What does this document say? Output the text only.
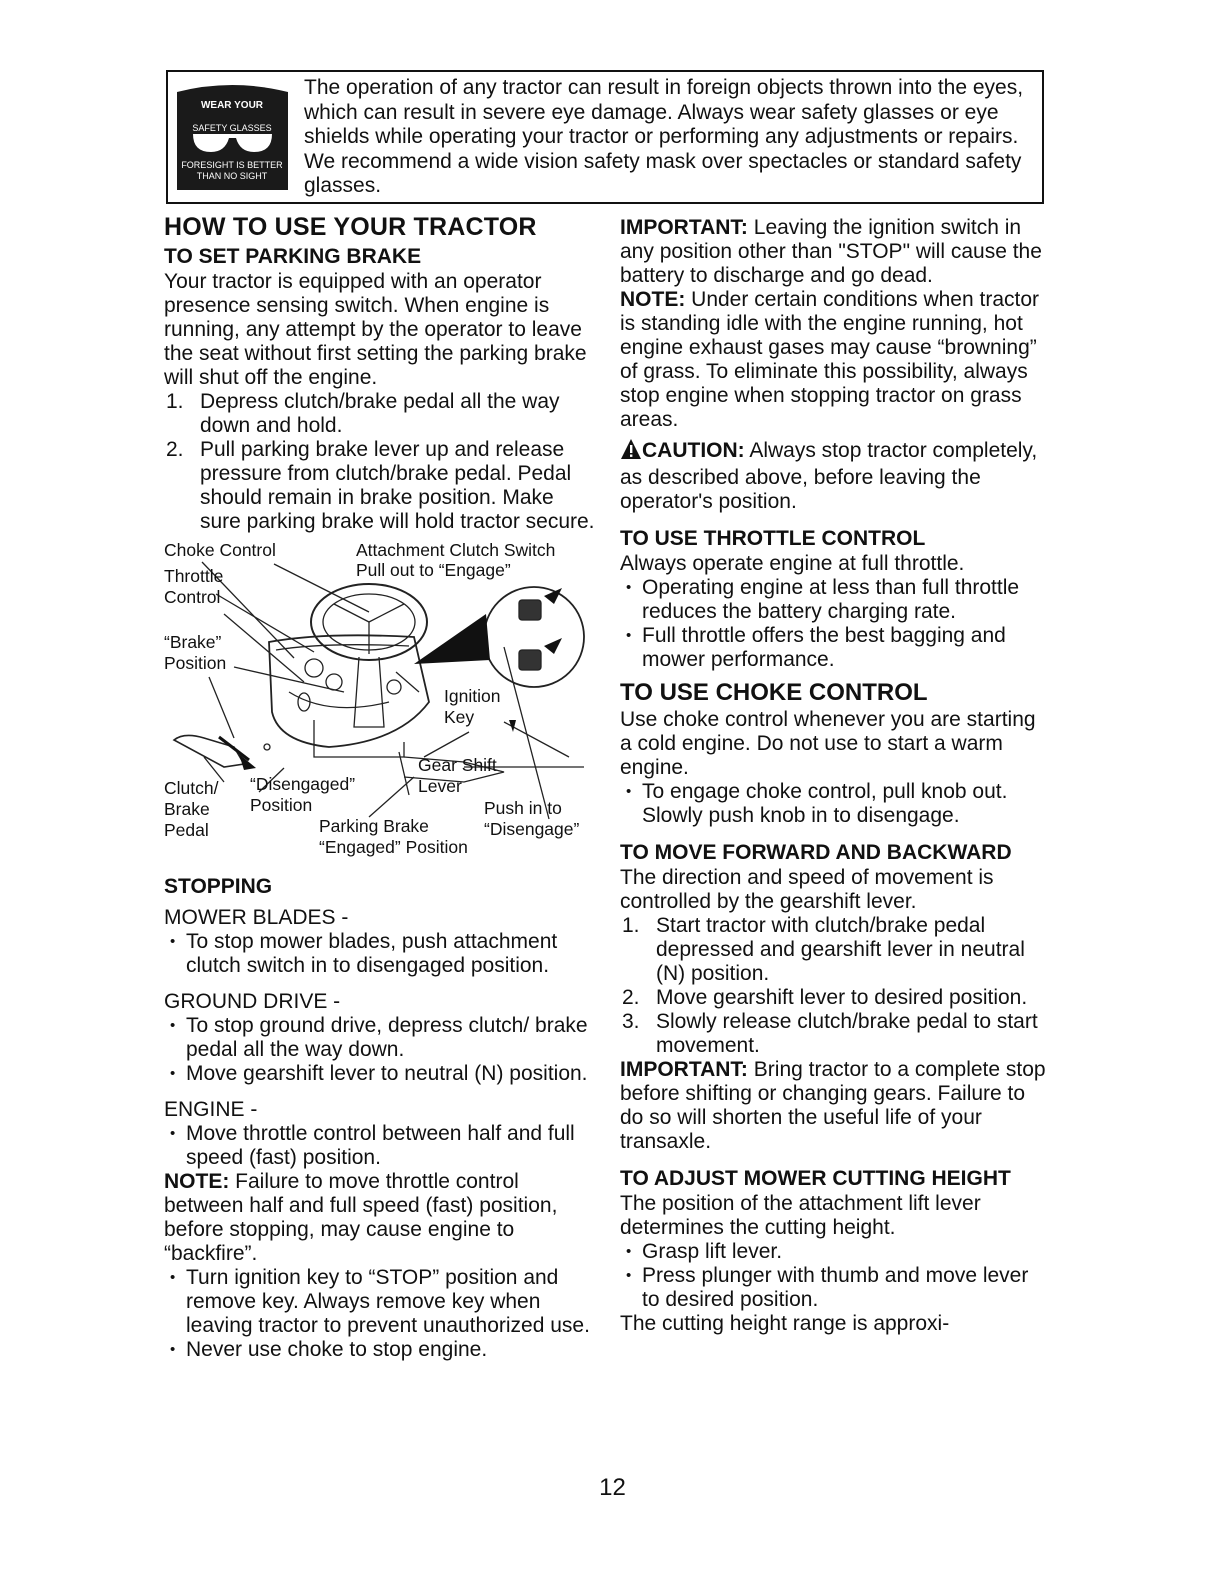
WEAR YOUR
SAFETY GLASSES
FORESIGHT IS BETTER
THAN NO SIGHT
The operation of any tractor can result in foreign objects thrown into the eyes, which can result in severe eye damage. Always wear safety glasses or eye shields while operating your tractor or performing any adjustments or repairs. We recommend a wide vision safety mask over spectacles or standard safety glasses.
HOW TO USE YOUR TRACTOR
TO SET PARKING BRAKE

Your tractor is equipped with an operator presence sensing switch. When engine is running, any attempt by the operator to leave the seat without first setting the parking brake will shut off the engine.

1. Depress clutch/brake pedal all the way down and hold.
2. Pull parking brake lever up and release pressure from clutch/brake pedal. Pedal should remain in brake position. Make sure parking brake will hold tractor secure.
Choke Control	Attachment Clutch Switch
Pull out to “Engage”
Throttle
Control
“Brake”
Position
Ignition
Key
Gear Shift
Lever
Clutch/
Brake
Pedal
“Disengaged”
Position	Push in to
“Disengage”
Parking Brake
“Engaged” Position
STOPPING

MOWER BLADES -

• To stop mower blades, push attachment clutch switch in to disengaged position.

GROUND DRIVE -

• To stop ground drive, depress clutch/ brake pedal all the way down.
• Move gearshift lever to neutral (N) position.

ENGINE -

• Move throttle control between half and full speed (fast) position.

NOTE: Failure to move throttle control between half and full speed (fast) position, before stopping, may cause engine to “backfire”.

• Turn ignition key to “STOP” position and remove key. Always remove key when leaving tractor to prevent unauthorized use.
• Never use choke to stop engine.

IMPORTANT: Leaving the ignition switch in any position other than "STOP" will cause the battery to discharge and go dead.

NOTE: Under certain conditions when tractor is standing idle with the engine running, hot engine exhaust gases may cause “browning” of grass. To eliminate this possibility, always stop engine when stopping tractor on grass areas.

CAUTION: Always stop tractor completely, as described above, before leaving the operator's position.

TO USE THROTTLE CONTROL

Always operate engine at full throttle.

• Operating engine at less than full throttle reduces the battery charging rate.
• Full throttle offers the best bagging and mower performance.
TO USE CHOKE CONTROL

Use choke control whenever you are starting a cold engine. Do not use to start a warm engine.

• To engage choke control, pull knob out. Slowly push knob in to disengage.
TO MOVE FORWARD AND BACKWARD

The direction and speed of movement is controlled by the gearshift lever.

1. Start tractor with clutch/brake pedal depressed and gearshift lever in neutral (N) position.
2. Move gearshift lever to desired position.
3. Slowly release clutch/brake pedal to start movement.

IMPORTANT: Bring tractor to a complete stop before shifting or changing gears. Failure to do so will shorten the useful life of your transaxle.

TO ADJUST MOWER CUTTING HEIGHT

The position of the attachment lift lever determines the cutting height.

• Grasp lift lever.
• Press plunger with thumb and move lever to desired position.

The cutting height range is approxi-

12
